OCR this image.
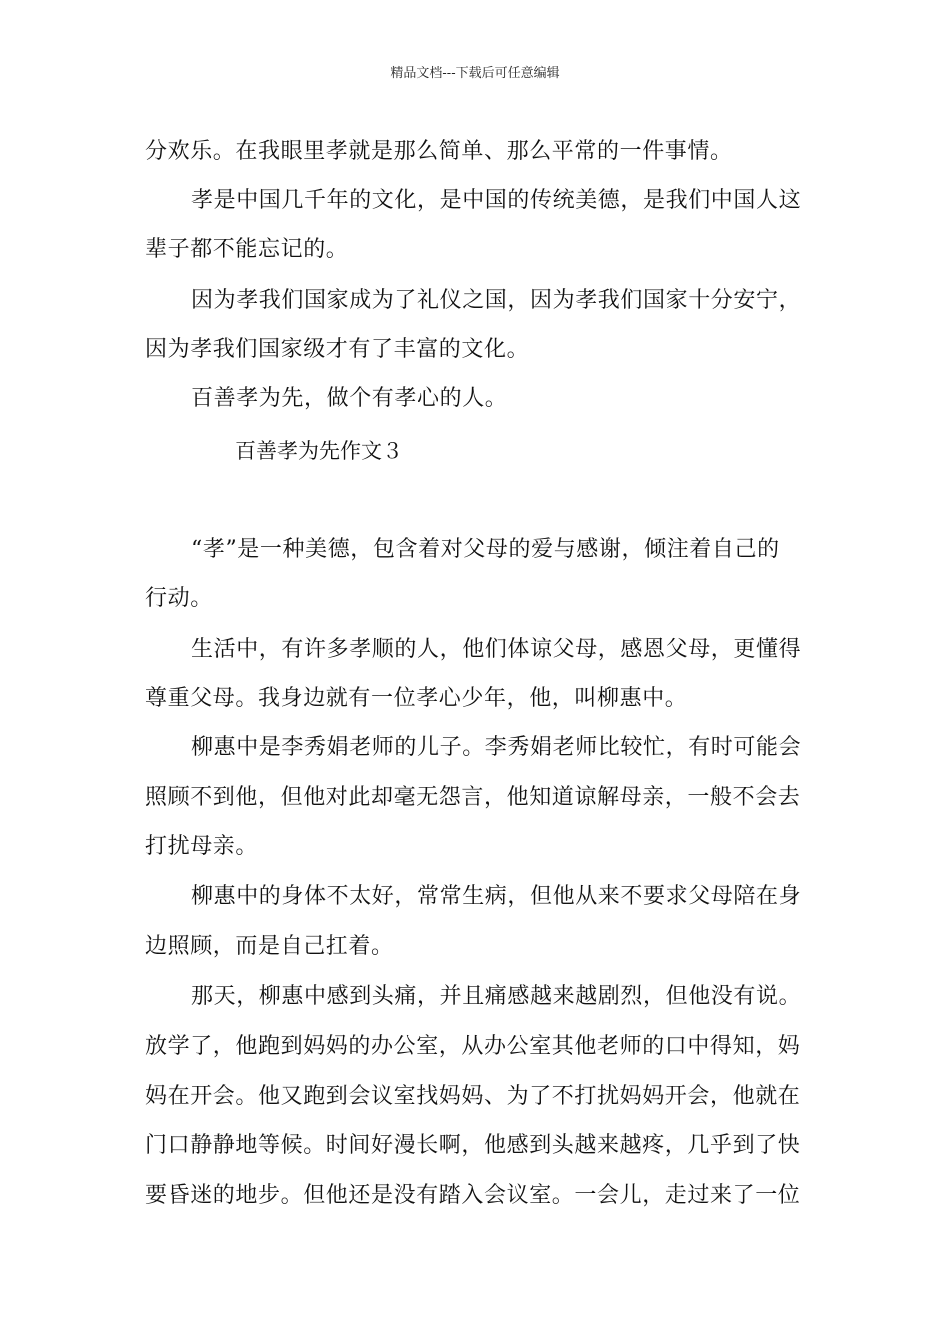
精品文档---下载后可任意编辑
分欢乐。在我眼里孝就是那么简单、那么平常的一件事情。
孝是中国几千年的文化，是中国的传统美德，是我们中国人这
辈子都不能忘记的。
因为孝我们国家成为了礼仪之国，因为孝我们国家十分安宁，
因为孝我们国家级才有了丰富的文化。
百善孝为先，做个有孝心的人。
百善孝为先作文３
“孝”是一种美德，包含着对父母的爱与感谢，倾注着自己的
行动。
生活中，有许多孝顺的人，他们体谅父母，感恩父母，更懂得
尊重父母。我身边就有一位孝心少年，他，叫柳惠中。
柳惠中是李秀娟老师的儿子。李秀娟老师比较忙，有时可能会
照顾不到他，但他对此却毫无怨言，他知道谅解母亲，一般不会去
打扰母亲。
柳惠中的身体不太好，常常生病，但他从来不要求父母陪在身
边照顾，而是自己扛着。
那天，柳惠中感到头痛，并且痛感越来越剧烈，但他没有说。
放学了，他跑到妈妈的办公室，从办公室其他老师的口中得知，妈
妈在开会。他又跑到会议室找妈妈、为了不打扰妈妈开会，他就在
门口静静地等候。时间好漫长啊，他感到头越来越疼，几乎到了快
要昏迷的地步。但他还是没有踏入会议室。一会儿，走过来了一位
